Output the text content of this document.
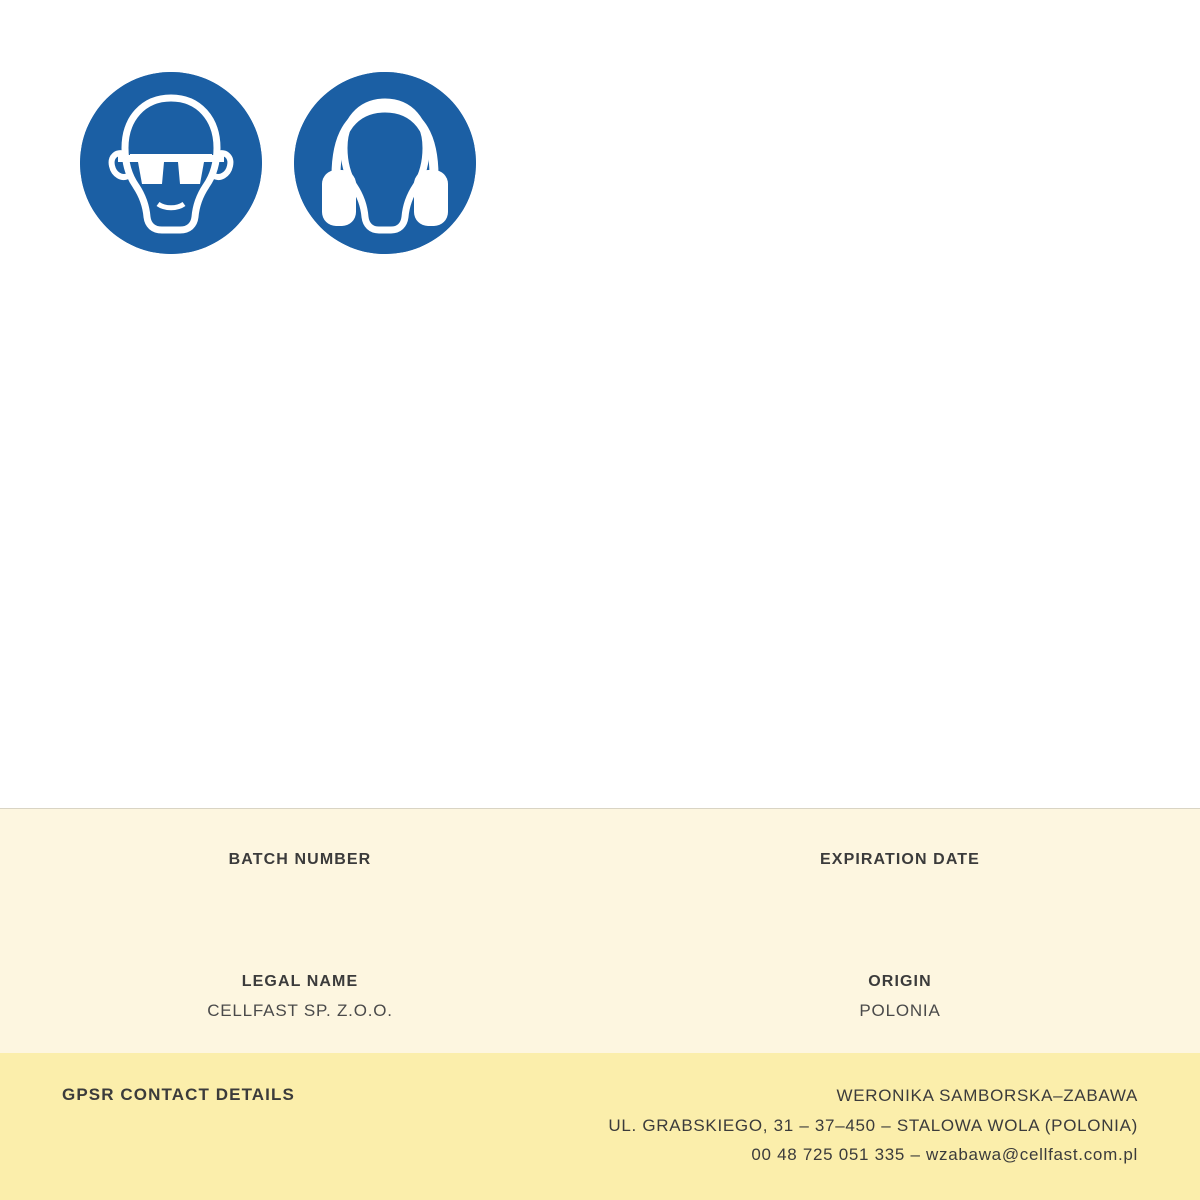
BATCH NUMBER	EXPIRATION DATE
LEGAL NAME
CELLFAST SP. Z.O.O.
ORIGIN
POLONIA
GPSR CONTACT DETAILS	WERONIKA SAMBORSKA–ZABAWA
UL. GRABSKIEGO, 31 – 37–450 – STALOWA WOLA (POLONIA)
00 48 725 051 335 – wzabawa@cellfast.com.pl
